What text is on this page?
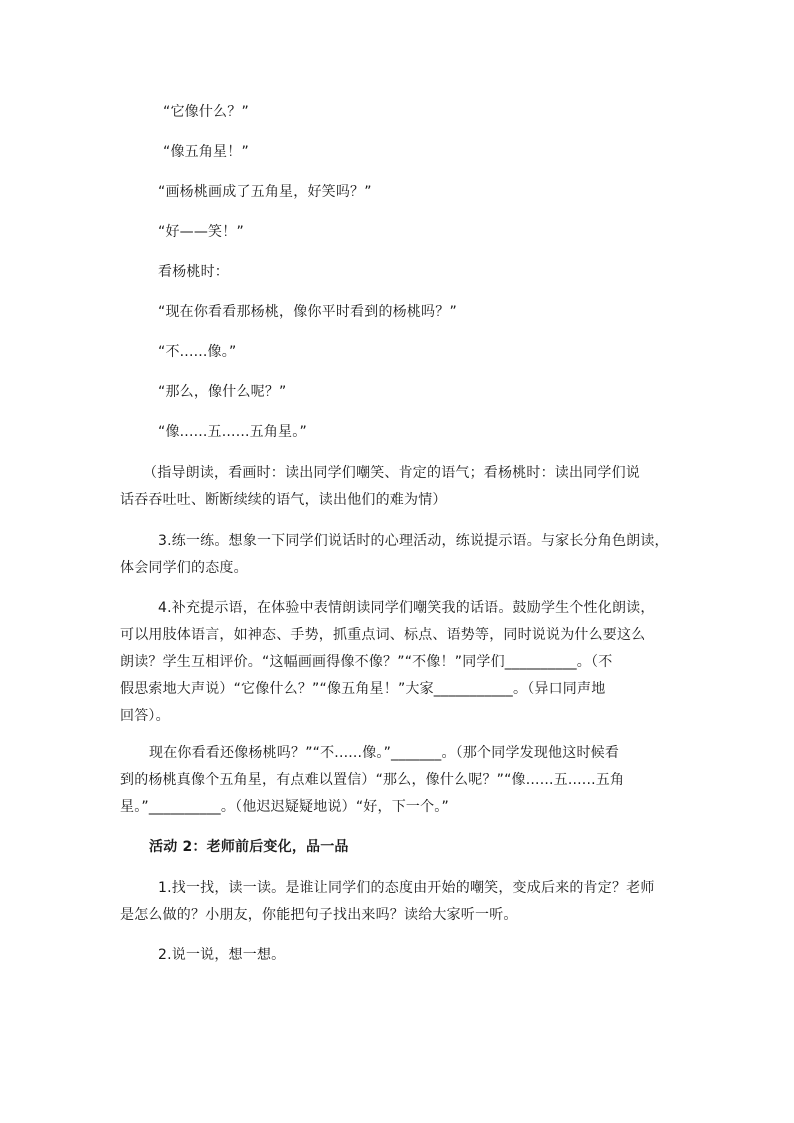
“它像什么？”
“像五角星！”
“画杨桃画成了五角星，好笑吗？”
“好——笑！”
看杨桃时：
“现在你看看那杨桃，像你平时看到的杨桃吗？”
“不......像。”
“那么，像什么呢？”
“像......五......五角星。”
（指导朗读，看画时：读出同学们嘲笑、肯定的语气；看杨桃时：读出同学们说
话吞吞吐吐、断断续续的语气，读出他们的难为情）
3.练一练。想象一下同学们说话时的心理活动，练说提示语。与家长分角色朗读，
体会同学们的态度。
4.补充提示语，在体验中表情朗读同学们嘲笑我的话语。鼓励学生个性化朗读，
可以用肢体语言，如神态、手势，抓重点词、标点、语势等，同时说说为什么要这么
朗读？学生互相评价。“这幅画画得像不像？”“不像！”同学们__________。（不
假思索地大声说）“它像什么？”“像五角星！”大家___________。（异口同声地
回答）。
现在你看看还像杨桃吗？”“不......像。”_______。（那个同学发现他这时候看
到的杨桃真像个五角星，有点难以置信）“那么，像什么呢？”“像......五......五角
星。”__________。（他迟迟疑疑地说）“好，下一个。”
活动 2：老师前后变化，品一品
1.找一找，读一读。是谁让同学们的态度由开始的嘲笑，变成后来的肯定？老师
是怎么做的？小朋友，你能把句子找出来吗？读给大家听一听。
2.说一说，想一想。
